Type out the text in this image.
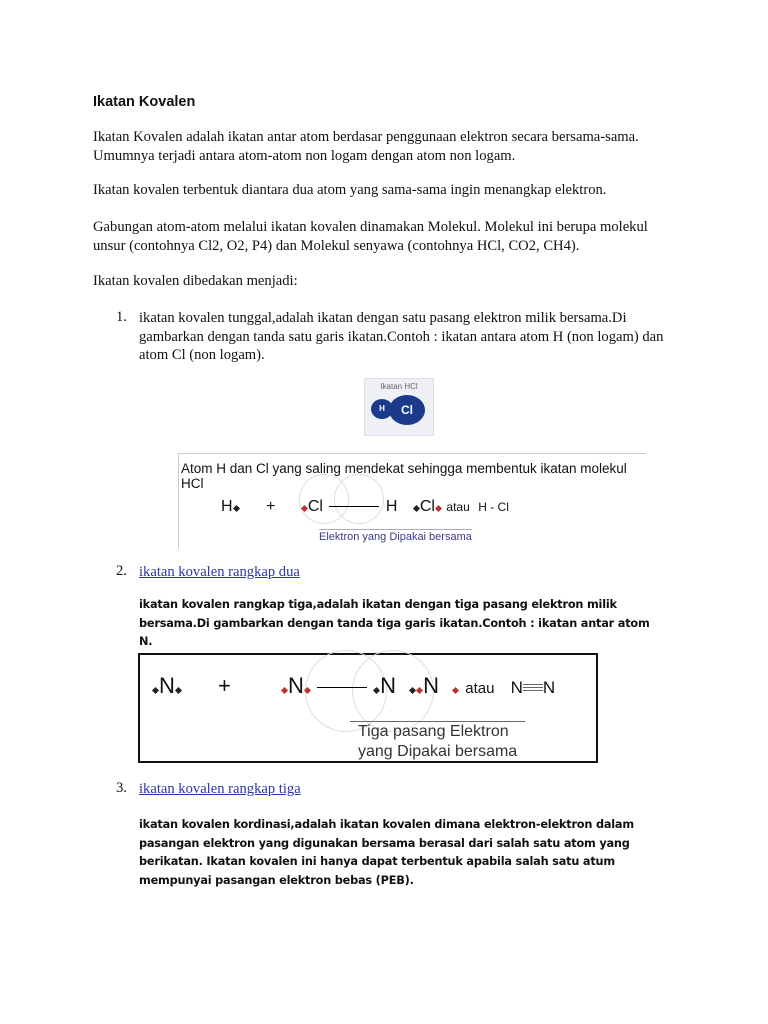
Ikatan Kovalen
Ikatan Kovalen adalah ikatan antar atom berdasar penggunaan elektron secara bersama-sama. Umumnya terjadi antara atom-atom non logam dengan atom non logam.
Ikatan kovalen terbentuk diantara dua atom yang sama-sama ingin menangkap elektron.
Gabungan atom-atom melalui ikatan kovalen dinamakan Molekul. Molekul ini berupa molekul unsur (contohnya Cl2, O2, P4) dan Molekul senyawa (contohnya HCl, CO2, CH4).
Ikatan kovalen dibedakan menjadi:
1. ikatan kovalen tunggal,adalah ikatan dengan satu pasang elektron milik bersama.Di gambarkan dengan tanda satu garis ikatan.Contoh : ikatan antara atom H (non logam) dan atom Cl (non logam).
Ikatan HCl
H	Cl
Atom H dan Cl yang saling mendekat sehingga membentuk ikatan molekul HCl
H + Cl	H Cl atau H - Cl
Elektron yang Dipakai bersama
2. ikatan kovalen rangkap dua
ikatan kovalen rangkap tiga,adalah ikatan dengan tiga pasang elektron milik bersama.Di gambarkan dengan tanda tiga garis ikatan.Contoh : ikatan antar atom N.
N +	N	N N atau N N
Tiga pasang Elektron
yang Dipakai bersama
3. ikatan kovalen rangkap tiga
ikatan kovalen kordinasi,adalah ikatan kovalen dimana elektron-elektron dalam pasangan elektron yang digunakan bersama berasal dari salah satu atom yang berikatan. Ikatan kovalen ini hanya dapat terbentuk apabila salah satu atum mempunyai pasangan elektron bebas (PEB).
